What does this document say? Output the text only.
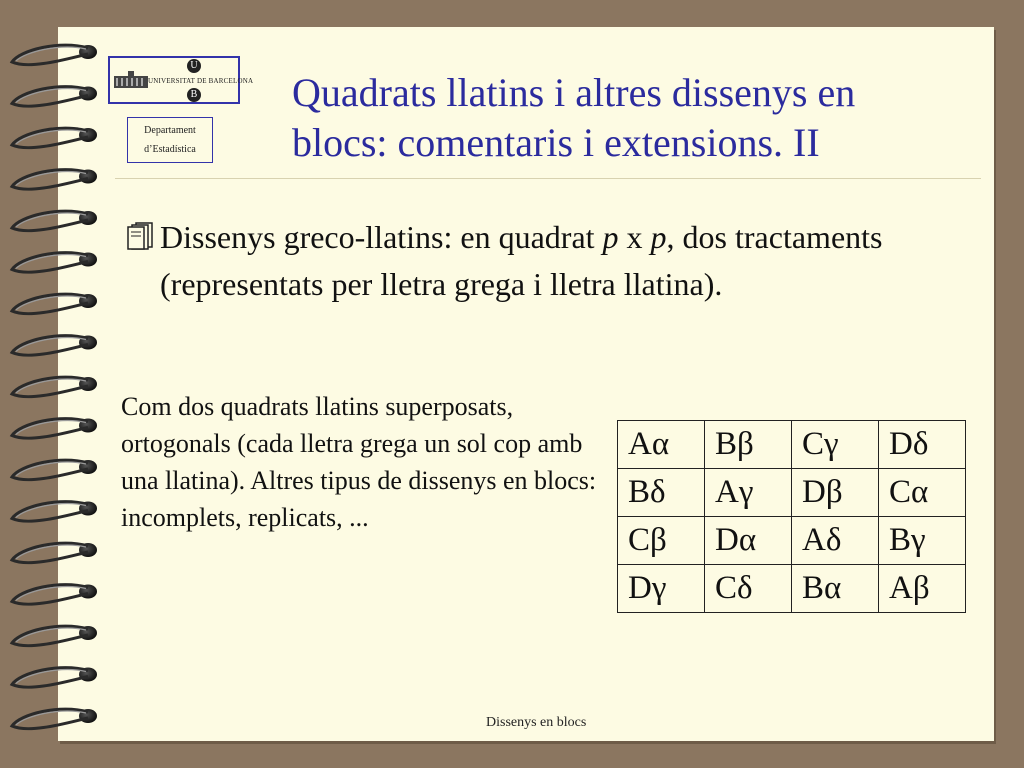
U
UNIVERSITAT DE BARCELONA
B
Departament
d’Estadística
Quadrats llatins i altres dissenys en
blocs: comentaris i extensions. II
Dissenys greco-llatins: en quadrat p x p, dos tractaments (representats per lletra grega i lletra llatina).
Com dos quadrats llatins superposats, ortogonals (cada lletra grega un sol cop amb una llatina). Altres tipus de dissenys en blocs: incomplets, replicats, ...
Aα	Bβ	Cγ	Dδ
Bδ	Aγ	Dβ	Cα
Cβ	Dα	Aδ	Bγ
Dγ	Cδ	Bα	Aβ
Dissenys en blocs
